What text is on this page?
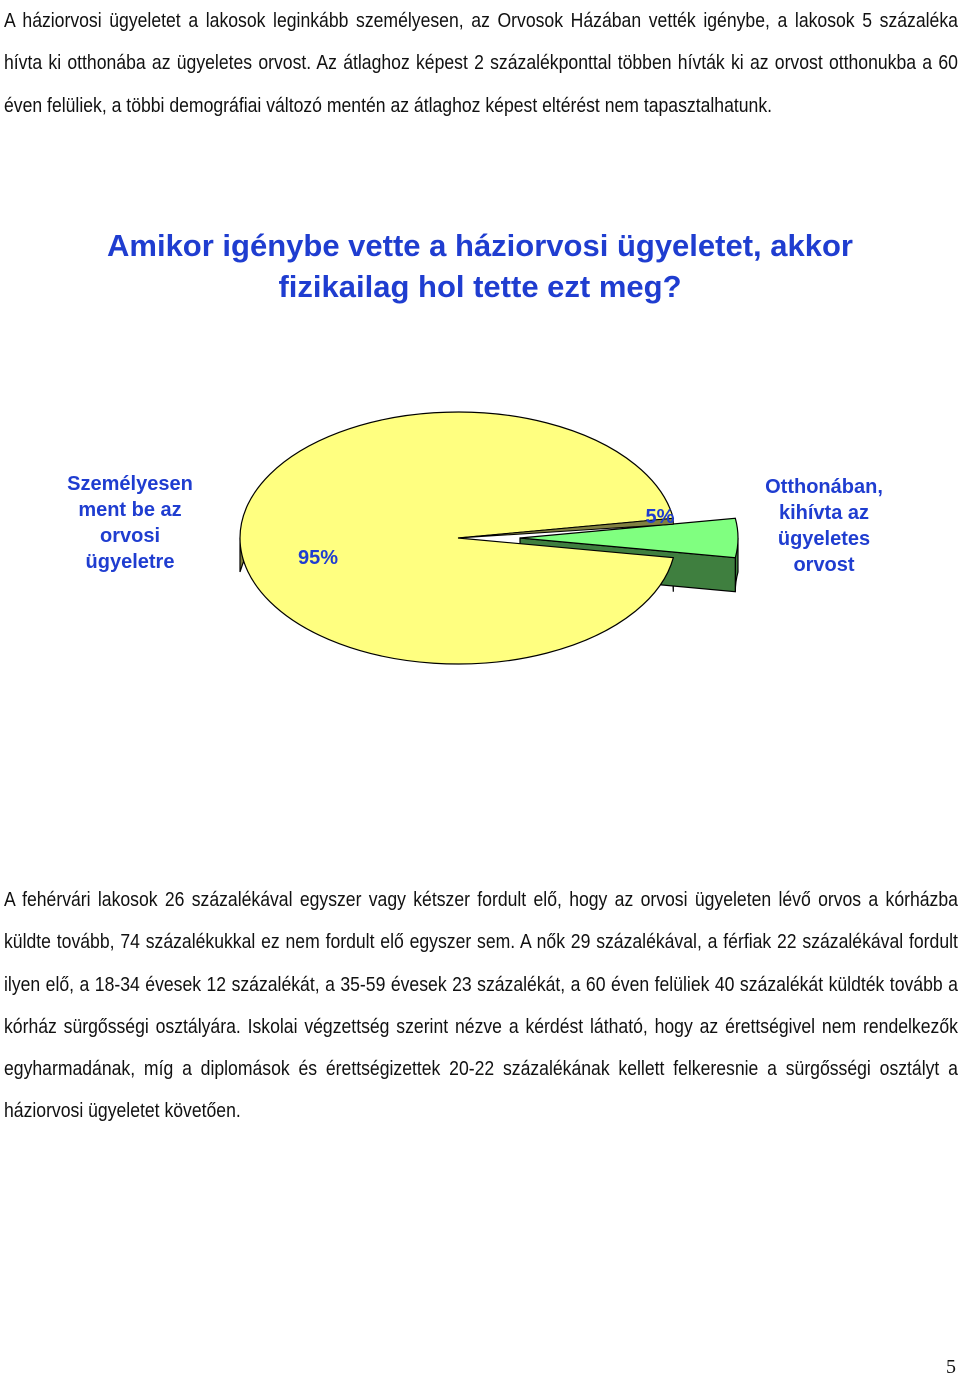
A háziorvosi ügyeletet a lakosok leginkább személyesen, az Orvosok Házában vették igénybe, a lakosok 5 százaléka hívta ki otthonába az ügyeletes orvost. Az átlaghoz képest 2 százalékponttal többen hívták ki az orvost otthonukba a 60 éven felüliek, a többi demográfiai változó mentén az átlaghoz képest eltérést nem tapasztalhatunk.

Amikor igénybe vette a háziorvosi ügyeletet, akkor
fizikailag hol tette ezt meg?
95%
5%
Személyesen
ment be az
orvosi
ügyeletre
Otthonában,
kihívta az
ügyeletes
orvost

5

A fehérvári lakosok 26 százalékával egyszer vagy kétszer fordult elő, hogy az orvosi ügyeleten lévő orvos a kórházba küldte tovább, 74 százalékukkal ez nem fordult elő egyszer sem. A nők 29 százalékával, a férfiak 22 százalékával fordult ilyen elő, a 18-34 évesek 12 százalékát, a 35-59 évesek 23 százalékát, a 60 éven felüliek 40 százalékát küldték tovább a kórház sürgősségi osztályára. Iskolai végzettség szerint nézve a kérdést látható, hogy az érettségivel nem rendelkezők egyharmadának, míg a diplomások és érettségizettek 20-22 százalékának kellett felkeresnie a sürgősségi osztályt a háziorvosi ügyeletet követően.
